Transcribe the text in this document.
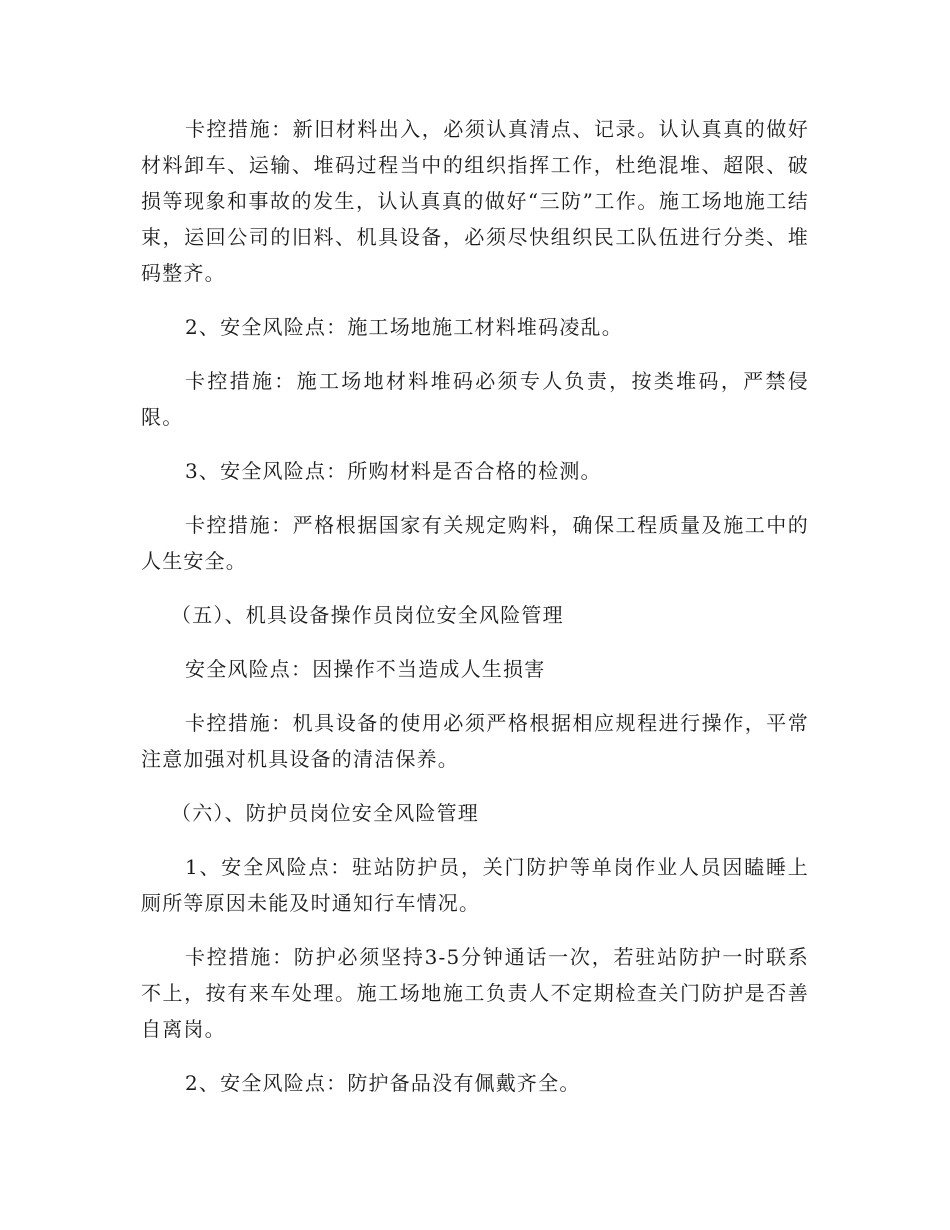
卡控措施：新旧材料出入，必须认真清点、记录。认认真真的做好材料卸车、运输、堆码过程当中的组织指挥工作，杜绝混堆、超限、破损等现象和事故的发生，认认真真的做好“三防”工作。施工场地施工结束，运回公司的旧料、机具设备，必须尽快组织民工队伍进行分类、堆码整齐。

2、安全风险点：施工场地施工材料堆码凌乱。

卡控措施：施工场地材料堆码必须专人负责，按类堆码，严禁侵限。

3、安全风险点：所购材料是否合格的检测。

卡控措施：严格根据国家有关规定购料，确保工程质量及施工中的人生安全。

（五）、机具设备操作员岗位安全风险管理

安全风险点：因操作不当造成人生损害

卡控措施：机具设备的使用必须严格根据相应规程进行操作，平常注意加强对机具设备的清洁保养。

（六）、防护员岗位安全风险管理

1、安全风险点：驻站防护员，关门防护等单岗作业人员因瞌睡上厕所等原因未能及时通知行车情况。

卡控措施：防护必须坚持3-5分钟通话一次，若驻站防护一时联系不上，按有来车处理。施工场地施工负责人不定期检查关门防护是否善自离岗。

2、安全风险点：防护备品没有佩戴齐全。
